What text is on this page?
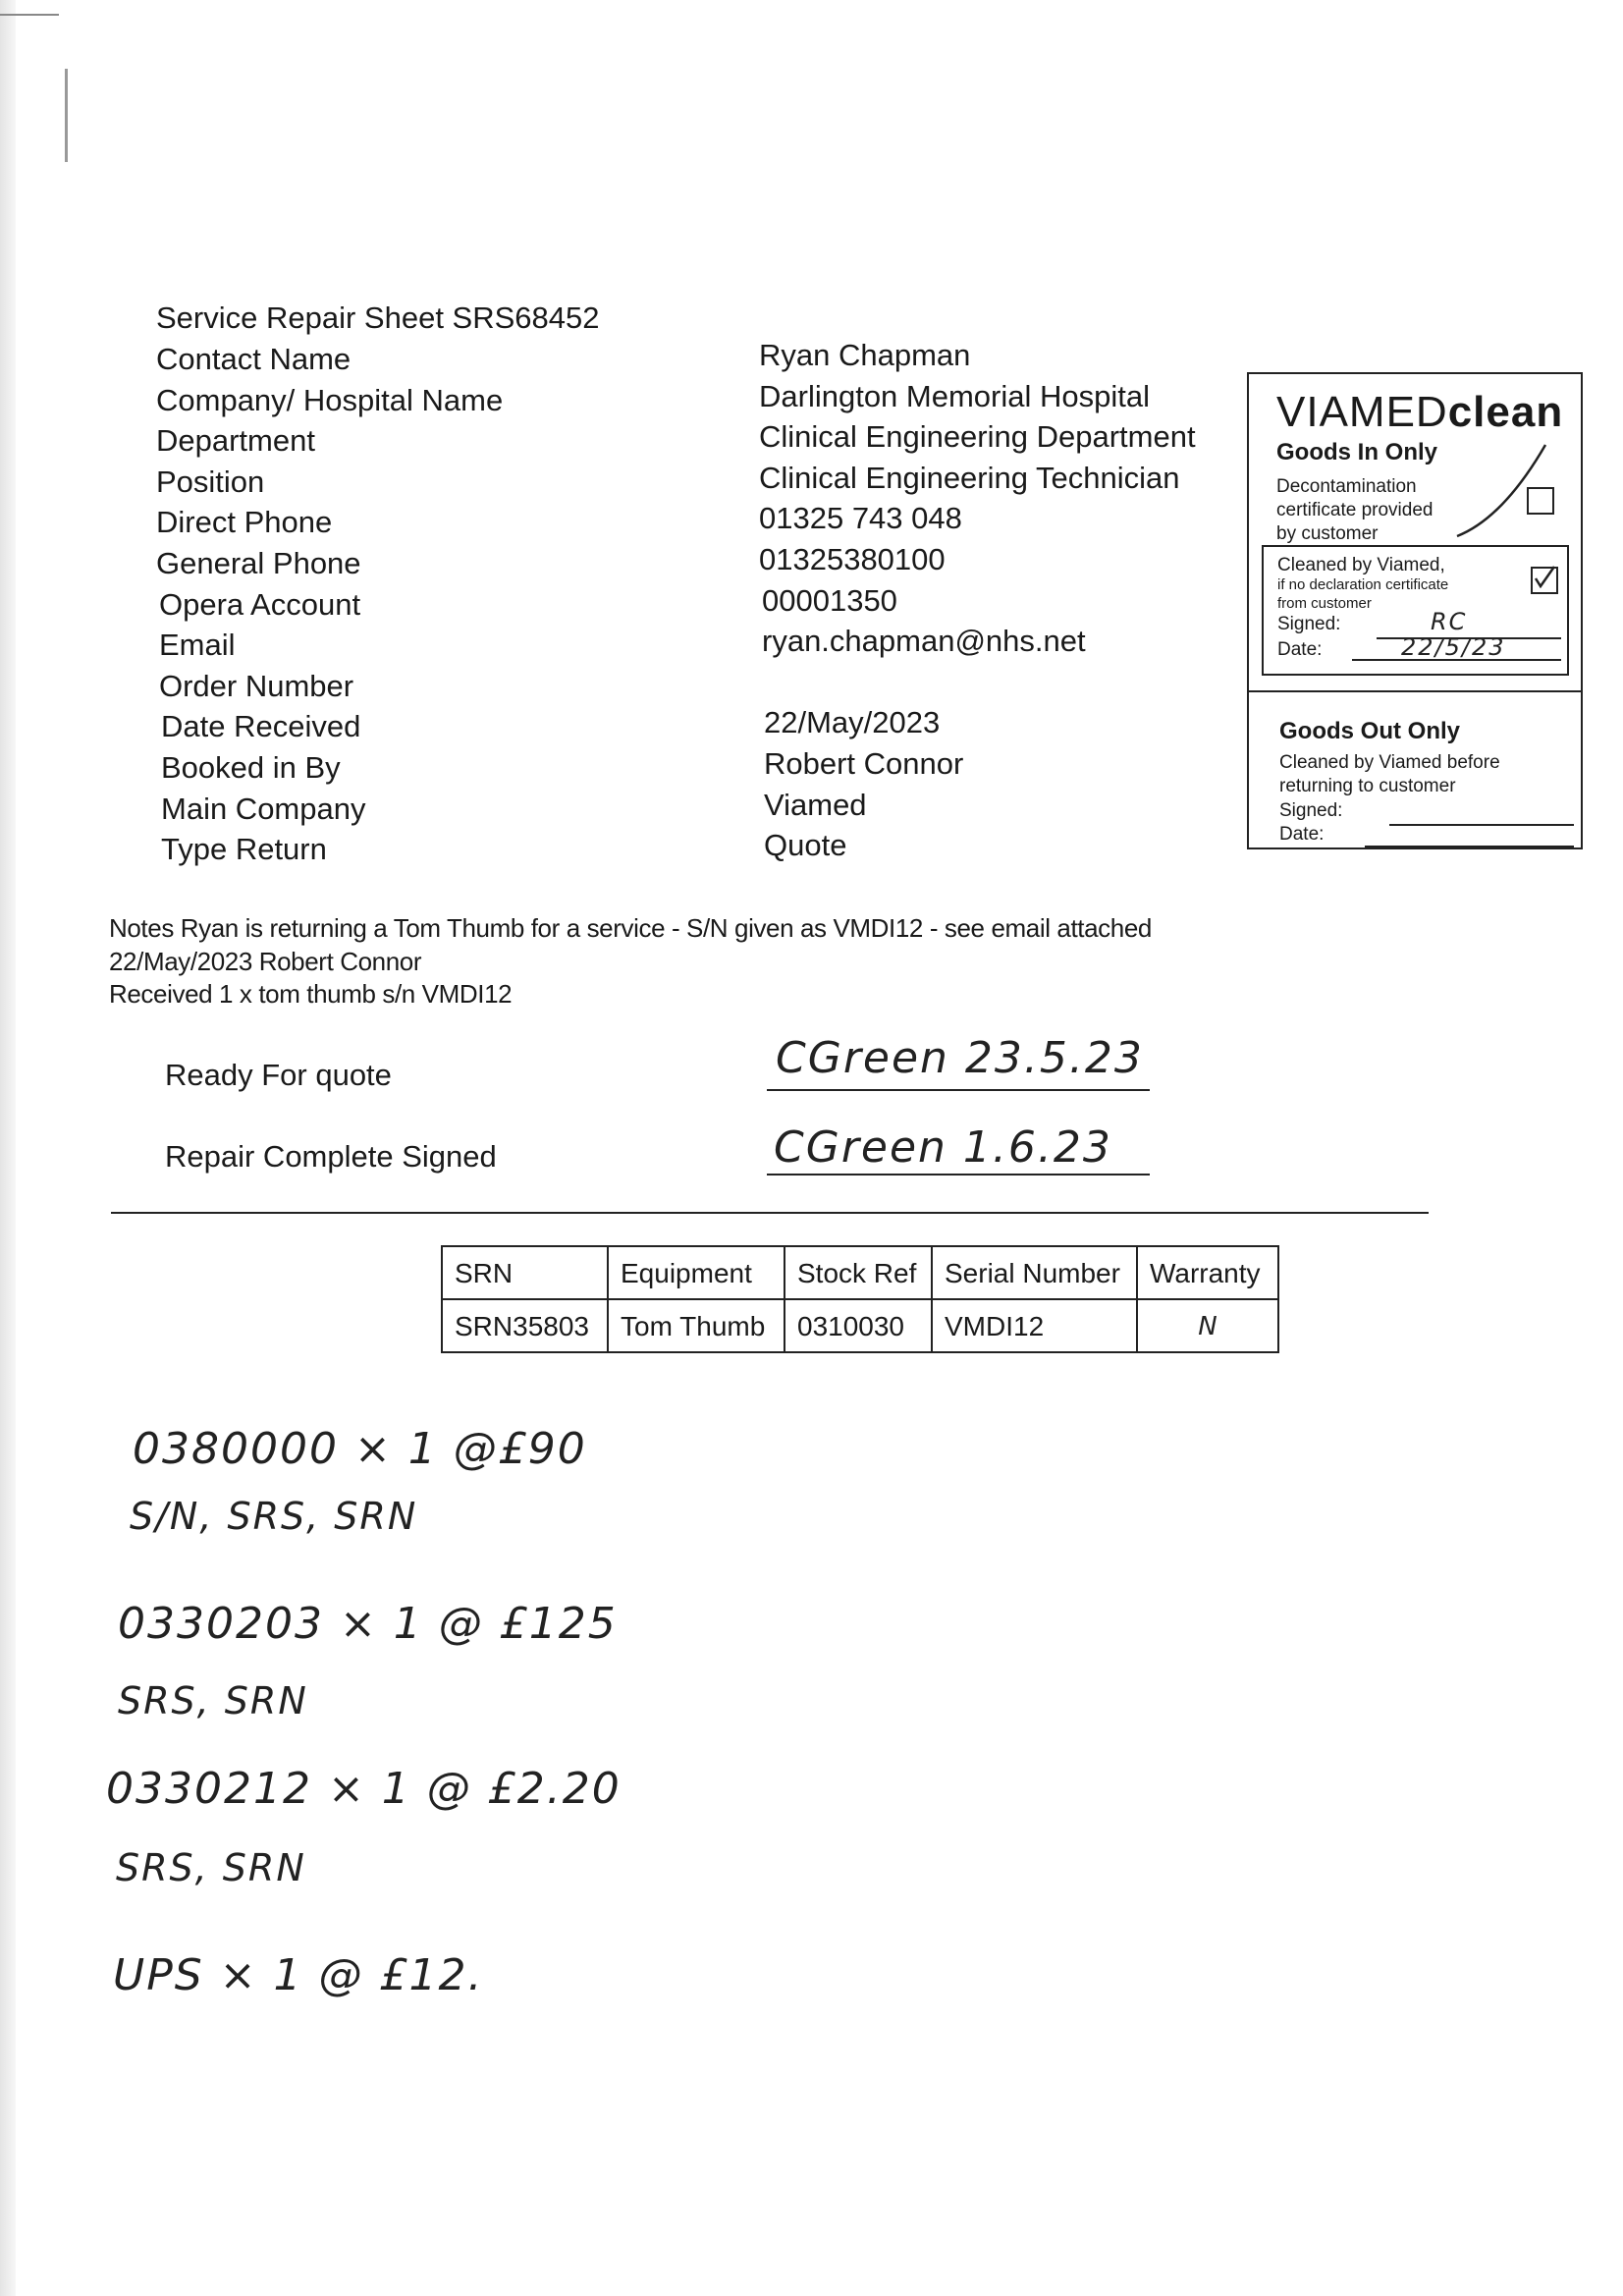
Service Repair Sheet SRS68452
Contact Name	Ryan Chapman
Company/ Hospital Name	Darlington Memorial Hospital
Department	Clinical Engineering Department
Position	Clinical Engineering Technician
Direct Phone	01325 743 048
General Phone	01325380100
Opera Account	00001350
Email	ryan.chapman@nhs.net
Order Number
Date Received	22/May/2023
Booked in By	Robert Connor
Main Company	Viamed
Type Return	Quote
VIAMEDclean
Goods In Only
Decontamination
certificate provided
by customer
Cleaned by Viamed,
if no declaration certificate
from customer
Signed:	RC
Date:	22/5/23
Goods Out Only
Cleaned by Viamed before
returning to customer
Signed:
Date:
Notes Ryan is returning a Tom Thumb for a service - S/N given as VMDI12 - see email attached
22/May/2023 Robert Connor
Received 1 x tom thumb s/n VMDI12
Ready For quote	CGreen 23.5.23
Repair Complete Signed	CGreen 1.6.23
SRN	Equipment	Stock Ref	Serial Number	Warranty
SRN35803	Tom Thumb	0310030	VMDI12	N
0380000 × 1 @£90
S/N, SRS, SRN
0330203 × 1 @ £125
SRS, SRN
0330212 × 1 @ £2.20
SRS, SRN
UPS × 1 @ £12.
